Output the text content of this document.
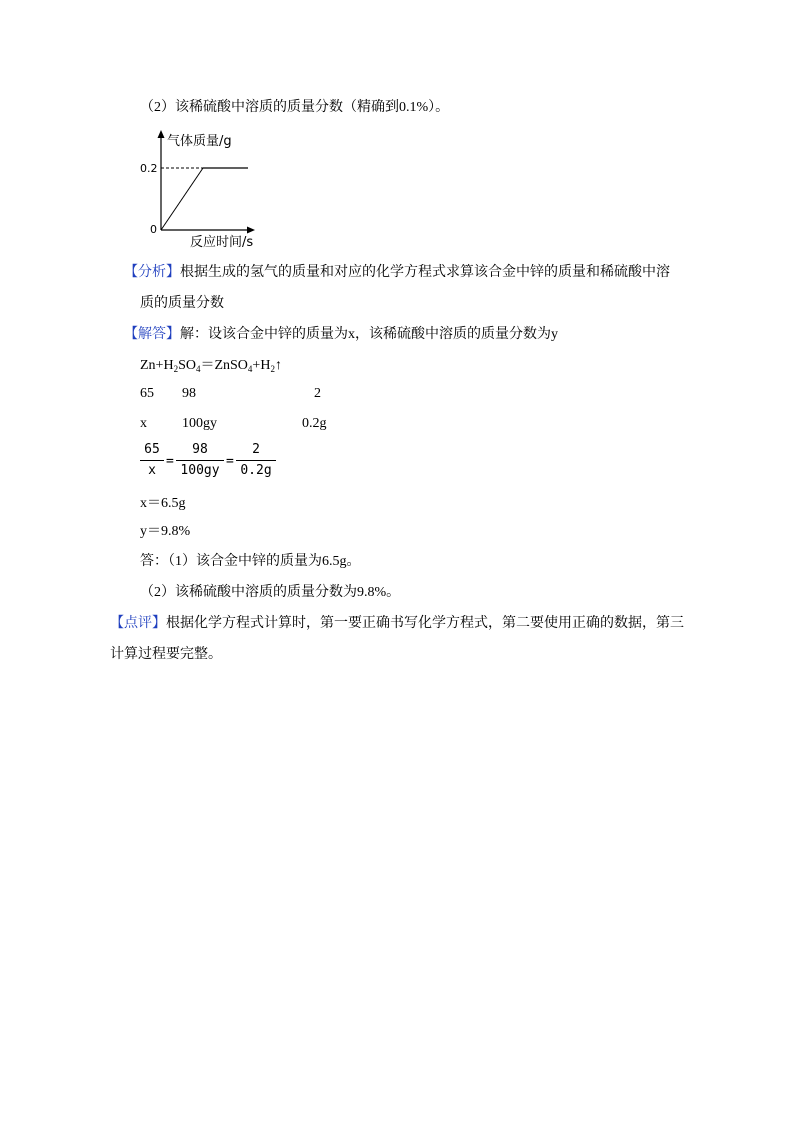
（2）该稀硫酸中溶质的质量分数（精确到0.1%）。
气体质量/g
0.2
0
反应时间/s
【分析】根据生成的氢气的质量和对应的化学方程式求算该合金中锌的质量和稀硫酸中溶
质的质量分数
【解答】解：设该合金中锌的质量为x，该稀硫酸中溶质的质量分数为y
$Zn+H_2SO_4=ZnSO_4+H_2↑$
65 98	2
x	100gy	0.2g
$\frac{65}{x} = \frac{98}{100gy} = \frac{2}{0.2g}$
x＝6.5g
y＝9.8%
答：（1）该合金中锌的质量为6.5g。
（2）该稀硫酸中溶质的质量分数为9.8%。
【点评】根据化学方程式计算时，第一要正确书写化学方程式，第二要使用正确的数据，第三
计算过程要完整。
